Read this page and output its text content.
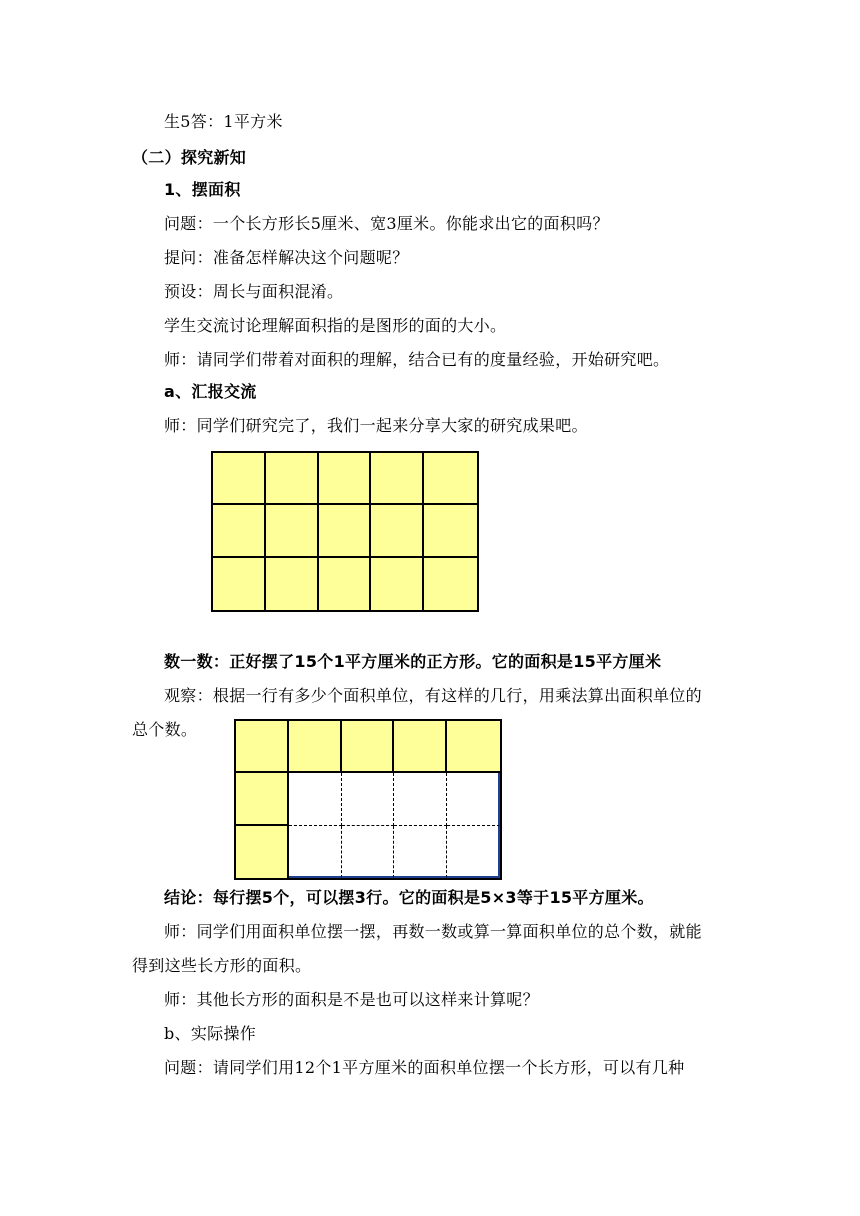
生5答：1平方米
（二）探究新知
1、摆面积
问题：一个长方形长5厘米、宽3厘米。你能求出它的面积吗？
提问：准备怎样解决这个问题呢？
预设：周长与面积混淆。
学生交流讨论理解面积指的是图形的面的大小。
师：请同学们带着对面积的理解，结合已有的度量经验，开始研究吧。
a、汇报交流
师：同学们研究完了，我们一起来分享大家的研究成果吧。
数一数：正好摆了15个1平方厘米的正方形。它的面积是15平方厘米
观察：根据一行有多少个面积单位，有这样的几行，用乘法算出面积单位的
总个数。
结论：每行摆5个，可以摆3行。它的面积是5×3等于15平方厘米。
师：同学们用面积单位摆一摆，再数一数或算一算面积单位的总个数，就能
得到这些长方形的面积。
师：其他长方形的面积是不是也可以这样来计算呢？
b、实际操作
问题：请同学们用12个1平方厘米的面积单位摆一个长方形，可以有几种
